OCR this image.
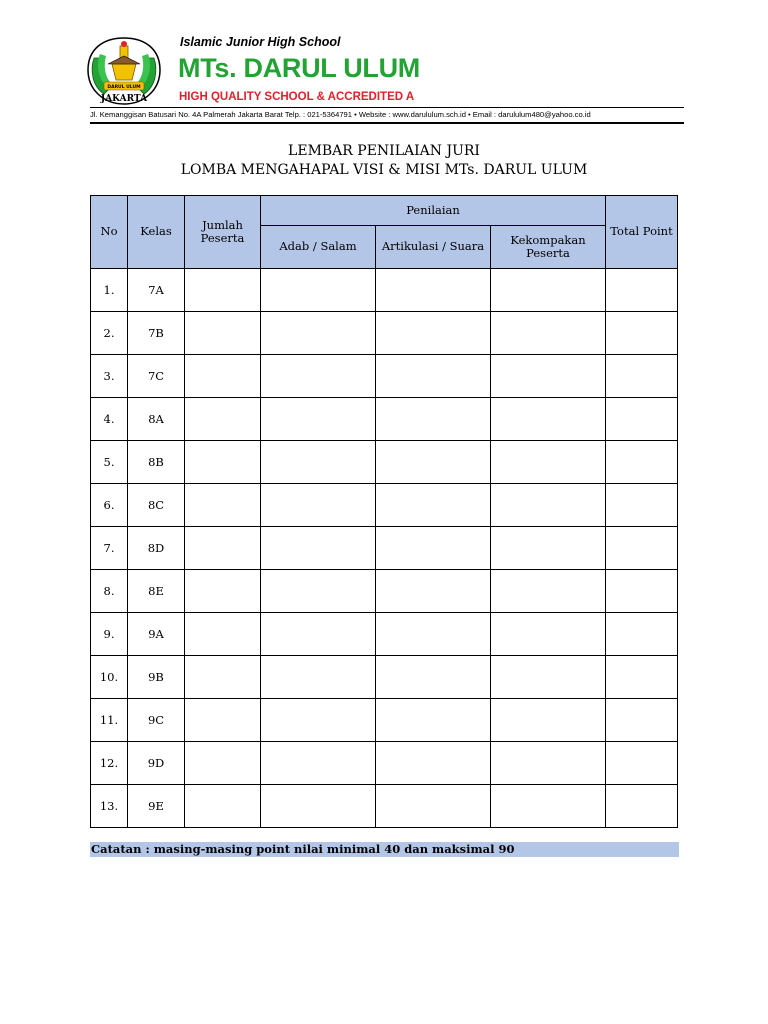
DARUL ULUM
JAKARTA
Islamic Junior High School
MTs. DARUL ULUM
HIGH QUALITY SCHOOL & ACCREDITED A
Jl. Kemanggisan Batusari No. 4A Palmerah Jakarta Barat Telp. : 021-5364791 • Website : www.darululum.sch.id • Email : darululum480@yahoo.co.id
LEMBAR PENILAIAN JURI
LOMBA MENGAHAPAL VISI & MISI MTs. DARUL ULUM
No	Kelas	Jumlah Peserta	Penilaian			Total Point
			Adab / Salam	Artikulasi / Suara	Kekompakan Peserta	
1.	7A					
2.	7B					
3.	7C					
4.	8A					
5.	8B					
6.	8C					
7.	8D					
8.	8E					
9.	9A					
10.	9B					
11.	9C					
12.	9D					
13.	9E					
Catatan : masing-masing point nilai minimal 40 dan maksimal 90
